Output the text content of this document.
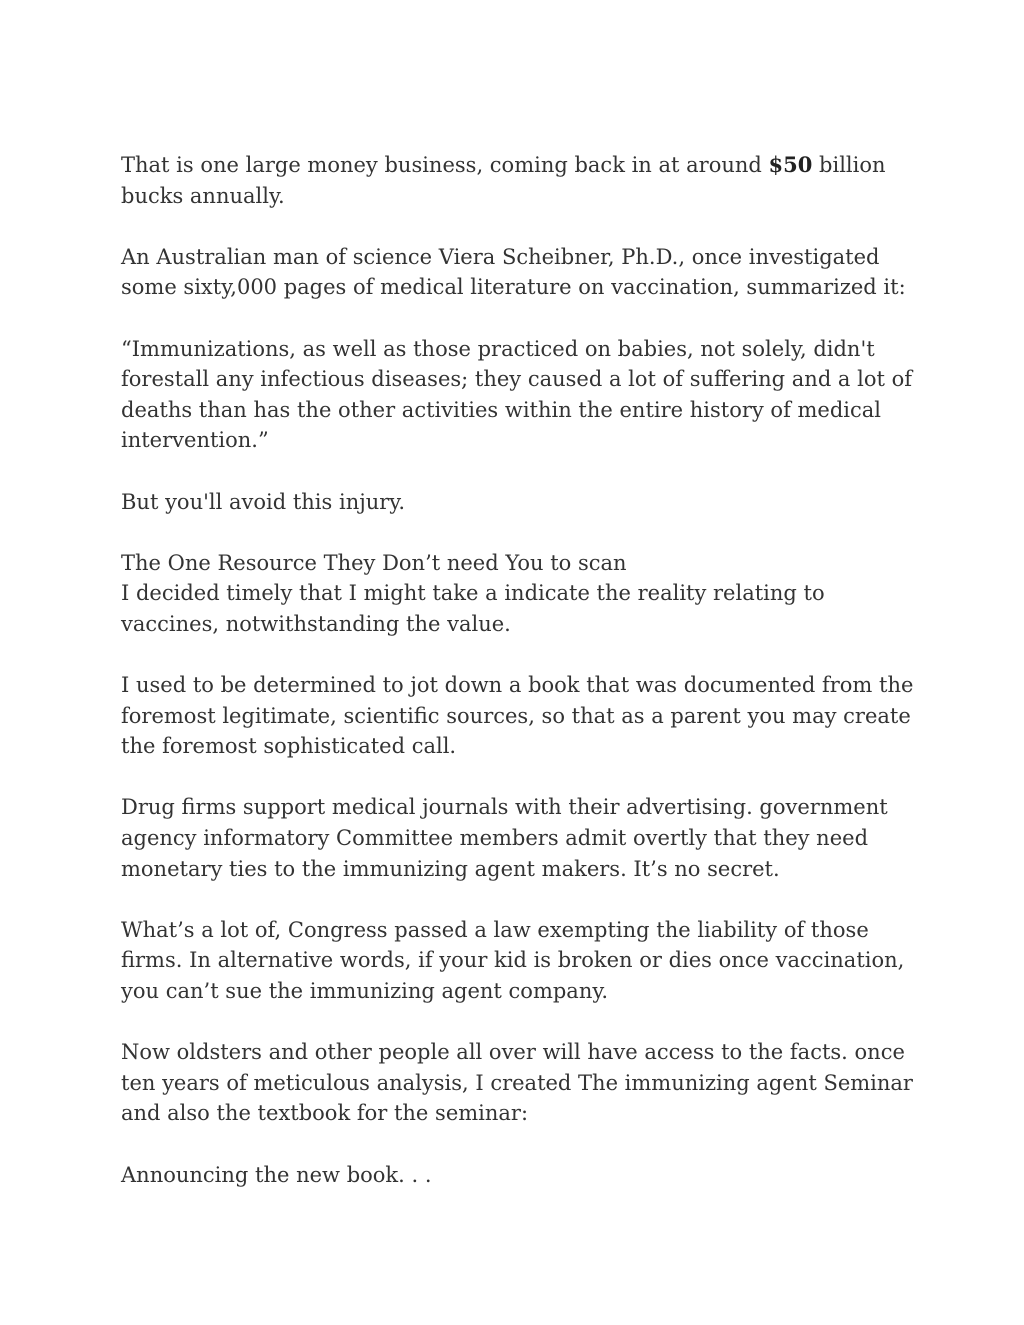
That is one large money business, coming back in at around $50 billion bucks annually.

An Australian man of science Viera Scheibner, Ph.D., once investigated some sixty,000 pages of medical literature on vaccination, summarized it:

“Immunizations, as well as those practiced on babies, not solely, didn't forestall any infectious diseases; they caused a lot of suffering and a lot of deaths than has the other activities within the entire history of medical intervention.”

But you'll avoid this injury.

The One Resource They Don’t need You to scan
I decided timely that I might take a indicate the reality relating to vaccines, notwithstanding the value.

I used to be determined to jot down a book that was documented from the foremost legitimate, scientific sources, so that as a parent you may create the foremost sophisticated call.

Drug firms support medical journals with their advertising. government agency informatory Committee members admit overtly that they need monetary ties to the immunizing agent makers. It’s no secret.

What’s a lot of, Congress passed a law exempting the liability of those firms. In alternative words, if your kid is broken or dies once vaccination, you can’t sue the immunizing agent company.

Now oldsters and other people all over will have access to the facts. once ten years of meticulous analysis, I created The immunizing agent Seminar and also the textbook for the seminar:

Announcing the new book. . .
